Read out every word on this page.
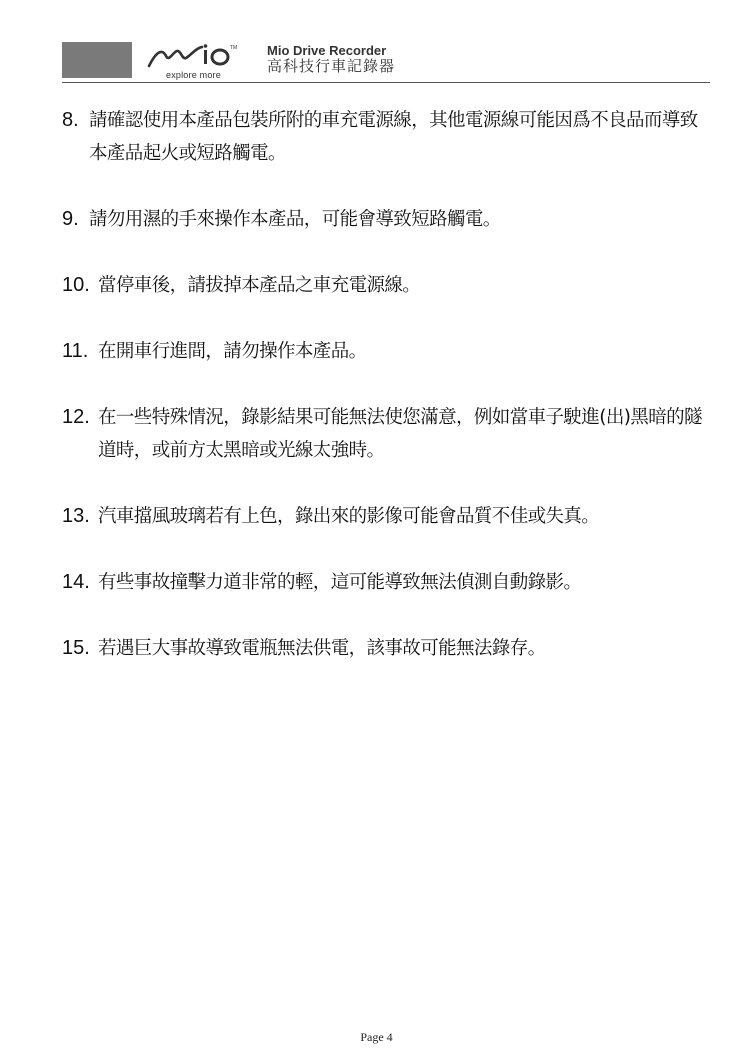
TM
explore more
Mio Drive Recorder
高科技行車記錄器
8. 請確認使用本產品包裝所附的車充電源線，其他電源線可能因爲不良品而導致本產品起火或短路觸電。
9. 請勿用濕的手來操作本產品，可能會導致短路觸電。
10. 當停車後，請拔掉本產品之車充電源線。
11. 在開車行進間，請勿操作本產品。
12. 在一些特殊情況，錄影結果可能無法使您滿意，例如當車子駛進(出)黑暗的隧道時，或前方太黑暗或光線太強時。
13. 汽車擋風玻璃若有上色，錄出來的影像可能會品質不佳或失真。
14. 有些事故撞擊力道非常的輕，這可能導致無法偵測自動錄影。
15. 若遇巨大事故導致電瓶無法供電，該事故可能無法錄存。
Page 4
